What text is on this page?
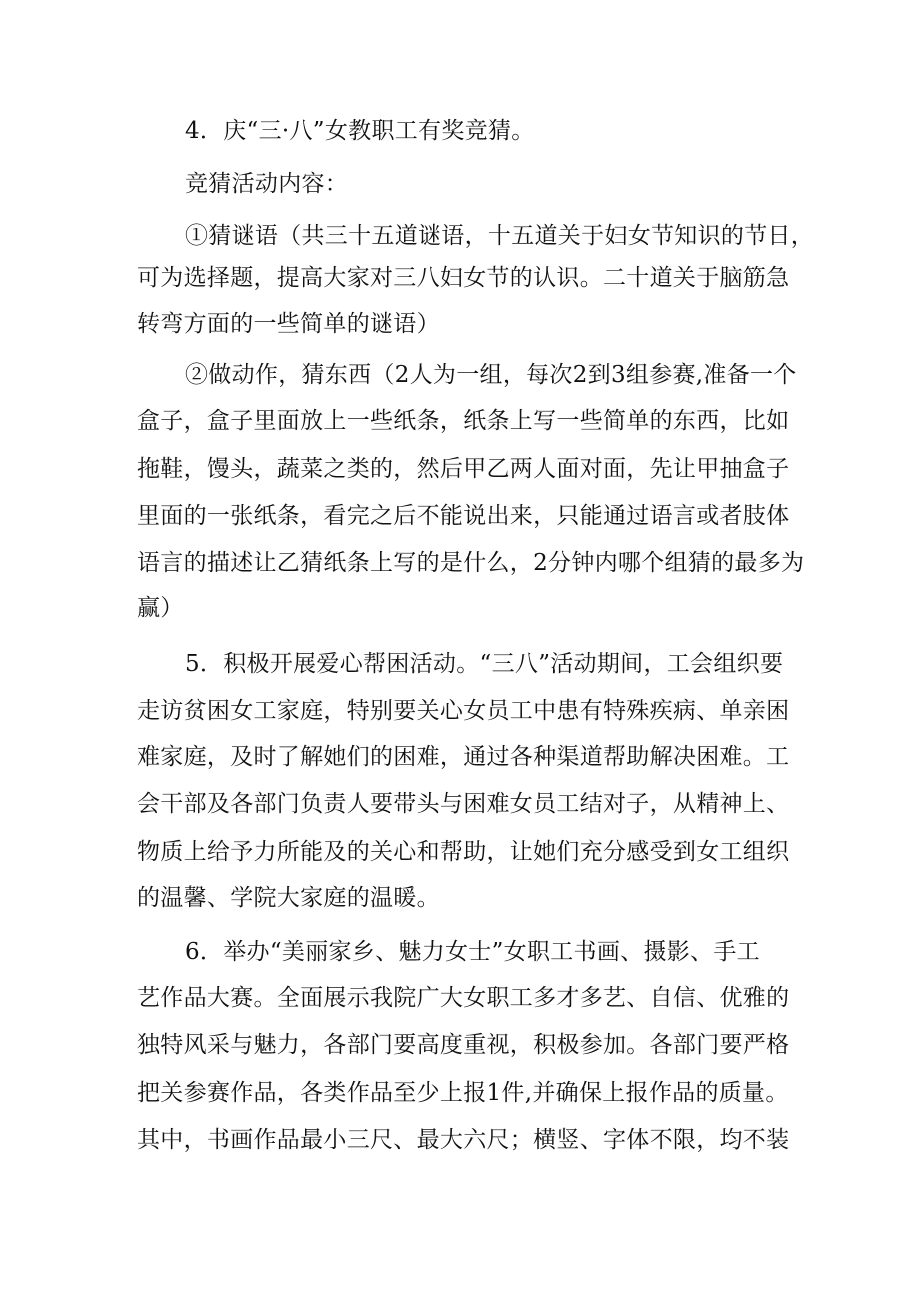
4．庆“三·八”女教职工有奖竞猜。
竞猜活动内容：
①猜谜语（共三十五道谜语，十五道关于妇女节知识的节日，
可为选择题，提高大家对三八妇女节的认识。二十道关于脑筋急
转弯方面的一些简单的谜语）
②做动作，猜东西（2人为一组，每次2到3组参赛,准备一个
盒子，盒子里面放上一些纸条，纸条上写一些简单的东西，比如
拖鞋，馒头，蔬菜之类的，然后甲乙两人面对面，先让甲抽盒子
里面的一张纸条，看完之后不能说出来，只能通过语言或者肢体
语言的描述让乙猜纸条上写的是什么，2分钟内哪个组猜的最多为
赢）
5．积极开展爱心帮困活动。“三八”活动期间，工会组织要
走访贫困女工家庭，特别要关心女员工中患有特殊疾病、单亲困
难家庭，及时了解她们的困难，通过各种渠道帮助解决困难。工
会干部及各部门负责人要带头与困难女员工结对子，从精神上、
物质上给予力所能及的关心和帮助，让她们充分感受到女工组织
的温馨、学院大家庭的温暖。
6．举办“美丽家乡、魅力女士”女职工书画、摄影、手工
艺作品大赛。全面展示我院广大女职工多才多艺、自信、优雅的
独特风采与魅力，各部门要高度重视，积极参加。各部门要严格
把关参赛作品，各类作品至少上报1件,并确保上报作品的质量。
其中，书画作品最小三尺、最大六尺；横竖、字体不限，均不装
